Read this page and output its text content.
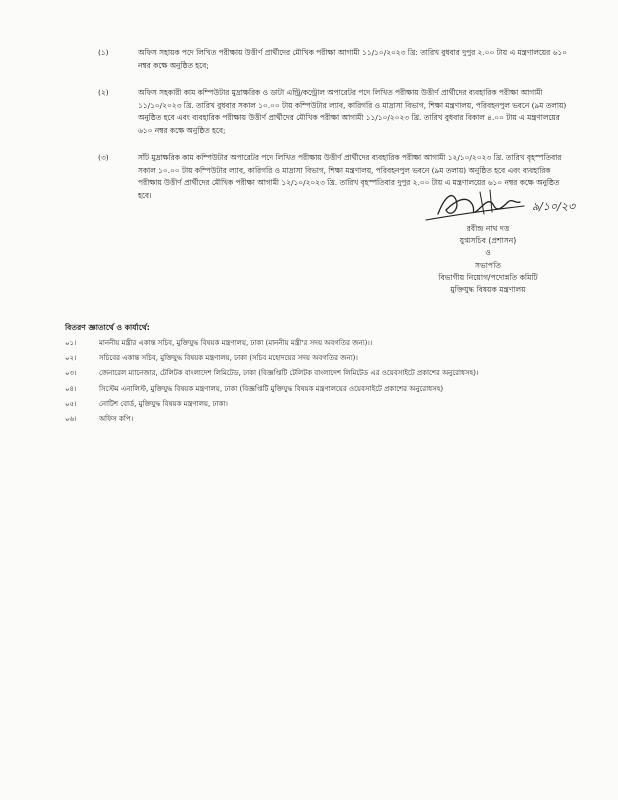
(১)	অফিস সহায়ক পদে লিখিত পরীক্ষায় উত্তীর্ণ প্রার্থীদের মৌখিক পরীক্ষা আগামী ১১/১০/২০২৩ খ্রি: তারিখ বুধবার দুপুর ২.০০ টায় এ মন্ত্রণালয়ের ৬১০ নম্বর কক্ষে অনুষ্ঠিত হবে;
(২)	অফিস সহকারী কাম কম্পিউটার মুদ্রাক্ষরিক ও ডাটা এন্ট্রি/কন্ট্রোল অপারেটর পদে লিখিত পরীক্ষায় উত্তীর্ণ প্রার্থীদের ব্যবহারিক পরীক্ষা আগামী ১১/১০/২০২৩ খ্রি. তারিখ বুধবার সকাল ১০.০০ টায় কম্পিউটার ল্যাব, কারিগরি ও মাদ্রাসা বিভাগ, শিক্ষা মন্ত্রণালয়, পরিবহনপুল ভবনে (৯ম তলায়) অনুষ্ঠিত হবে এবং ব্যবহারিক পরীক্ষায় উত্তীর্ণ প্রার্থীদের মৌখিক পরীক্ষা আগামী ১১/১০/২০২৩ খ্রি. তারিখ বুধবার বিকাল ৪.০০ টায় এ মন্ত্রণালয়ের ৬১০ নম্বর কক্ষে অনুষ্ঠিত হবে;
(৩)	সাঁট মুদ্রাক্ষরিক কাম কম্পিউটার অপারেটর পদে লিখিত পরীক্ষায় উত্তীর্ণ প্রার্থীদের ব্যবহারিক পরীক্ষা আগামী ১২/১০/২০২৩ খ্রি. তারিখ বৃহস্পতিবার সকাল ১০.০০ টায় কম্পিউটার ল্যাব, কারিগরি ও মাদ্রাসা বিভাগ, শিক্ষা মন্ত্রণালয়, পরিবহনপুল ভবনে (৯ম তলায়) অনুষ্ঠিত হবে এবং ব্যবহারিক পরীক্ষায় উত্তীর্ণ প্রার্থীদের মৌখিক পরীক্ষা আগামী ১২/১০/২০২৩ খ্রি. তারিখ বৃহস্পতিবার দুপুর ২.০০ টায় এ মন্ত্রণালয়ের ৬১০ নম্বর কক্ষে অনুষ্ঠিত হবে।
৯/১০/২৩
রবীন্দ্র নাথ দত্ত
যুগ্মসচিব (প্রশাসন)
ও
সভাপতি
বিভাগীয় নিয়োগ/পদোন্নতি কমিটি
মুক্তিযুদ্ধ বিষয়ক মন্ত্রণালয়
বিতরণ জ্ঞাতার্থে ও কার্যার্থে:
০১।	মাননীয় মন্ত্রীর একান্ত সচিব, মুক্তিযুদ্ধ বিষয়ক মন্ত্রণালয়, ঢাকা (মাননীয় মন্ত্রী'র সদয় অবগতির জন্য)।।
০২।	সচিবের একান্ত সচিব, মুক্তিযুদ্ধ বিষয়ক মন্ত্রণালয়, ঢাকা (সচিব মহোদয়ের সদয় অবগতির জন্য)।
০৩।	জেনারেল ম্যানেজার, টেলিটক বাংলাদেশ লিমিটেড, ঢাকা (বিজ্ঞপ্তিটি টেলিটক বাংলাদেশ লিমিটেড এর ওয়েবসাইটে প্রকাশের অনুরোধসহ)।
০৪।	সিস্টেম এনালিস্ট, মুক্তিযুদ্ধ বিষয়ক মন্ত্রণালয়, ঢাকা (বিজ্ঞপ্তিটি মুক্তিযুদ্ধ বিষয়ক মন্ত্রণালয়ের ওয়েবসাইটে প্রকাশের অনুরোধসহ)
০৫।	নোটিশ বোর্ড, মুক্তিযুদ্ধ বিষয়ক মন্ত্রণালয়, ঢাকা।
০৬।	অফিস কপি।
